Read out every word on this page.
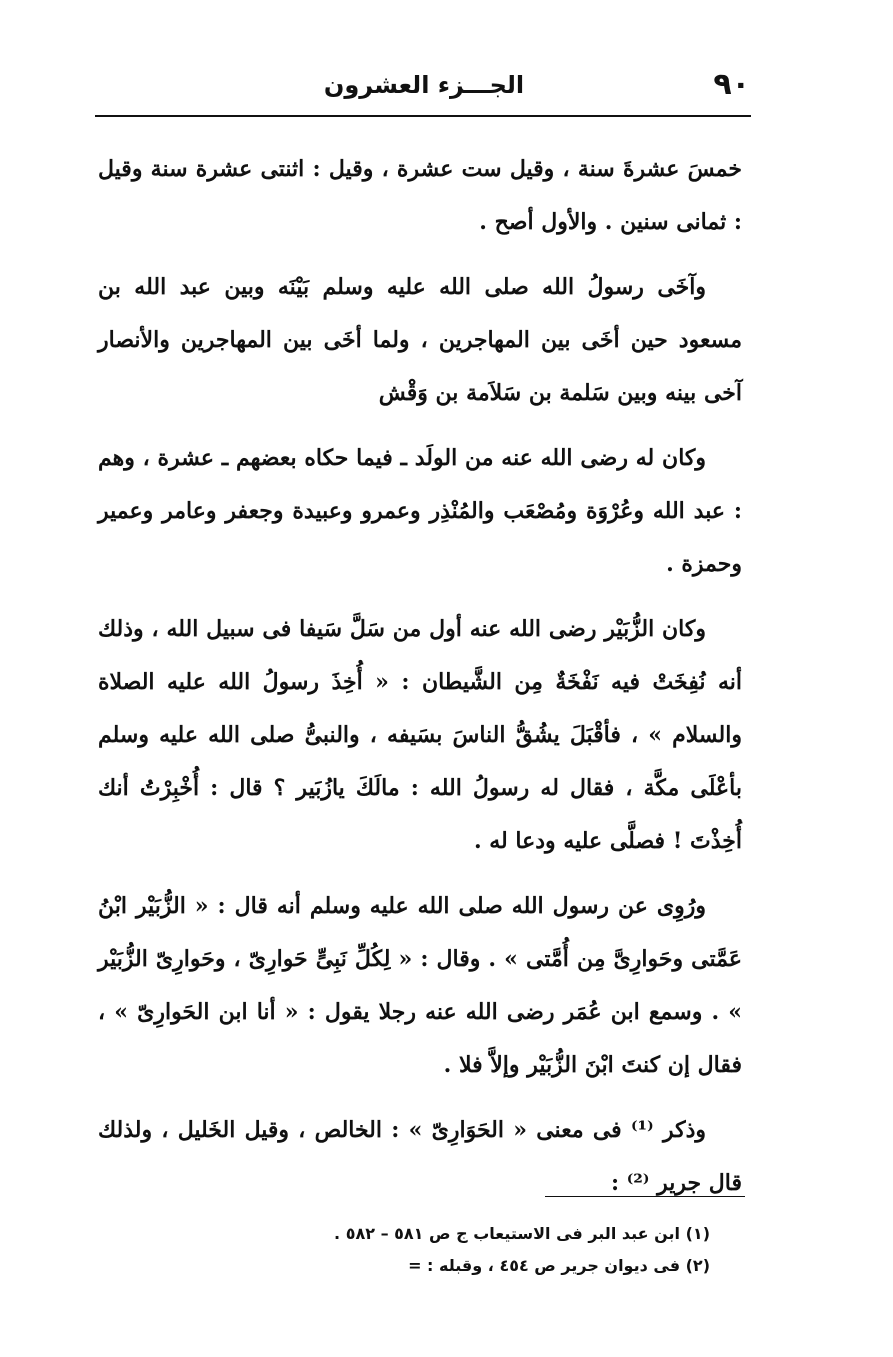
٩٠
الجـــزء العشرون

خمسَ عشرةَ سنة ، وقيل ست عشرة ، وقيل : اثنتى عشرة سنة وقيل : ثمانى سنين . والأول أصح .

وآخَى رسولُ الله صلى الله عليه وسلم بَيْنَه وبين عبد الله بن مسعود حين أخَى بين المهاجرين ، ولما أخَى بين المهاجرين والأنصار آخى بينه وبين سَلمة بن سَلاَمة بن وَقْش

وكان له رضى الله عنه من الولَد ـ فيما حكاه بعضهم ـ عشرة ، وهم : عبد الله وعُرْوَة ومُصْعَب والمُنْذِر وعمرو وعبيدة وجعفر وعامر وعمير وحمزة .

وكان الزُّبَيْر رضى الله عنه أول من سَلَّ سَيفا فى سبيل الله ، وذلك أنه نُفِخَتْ فيه نَفْخَةٌ مِن الشَّيطان : « أُخِذَ رسولُ الله عليه الصلاة والسلام » ، فأقْبَلَ يشُقُّ الناسَ بسَيفه ، والنبىُّ صلى الله عليه وسلم بأعْلَى مكَّة ، فقال له رسولُ الله : مالَكَ يازُبَير ؟ قال : أُخْبِرْتُ أنك أُخِذْتَ ! فصلَّى عليه ودعا له .

ورُوِى عن رسول الله صلى الله عليه وسلم أنه قال : « الزُّبَيْر ابْنُ عَمَّتى وحَوارِىَّ مِن أُمَّتى » . وقال : « لِكُلِّ نَبِىٍّ حَوارِىّ ، وحَوارِىّ الزُّبَيْر » . وسمع ابن عُمَر رضى الله عنه رجلا يقول : « أنا ابن الحَوارِىّ » ، فقال إن كنتَ ابْنَ الزُّبَيْر وإلاَّ فلا .

وذكر ⁽¹⁾ فى معنى « الحَوَارِىّ » : الخالص ، وقيل الخَليل ، ولذلك قال جرير ⁽²⁾ :

(١) ابن عبد البر فى الاستيعاب ج ص ٥٨١ – ٥٨٢ .

(٢) فى ديوان جرير ص ٤٥٤ ، وقبله : =
